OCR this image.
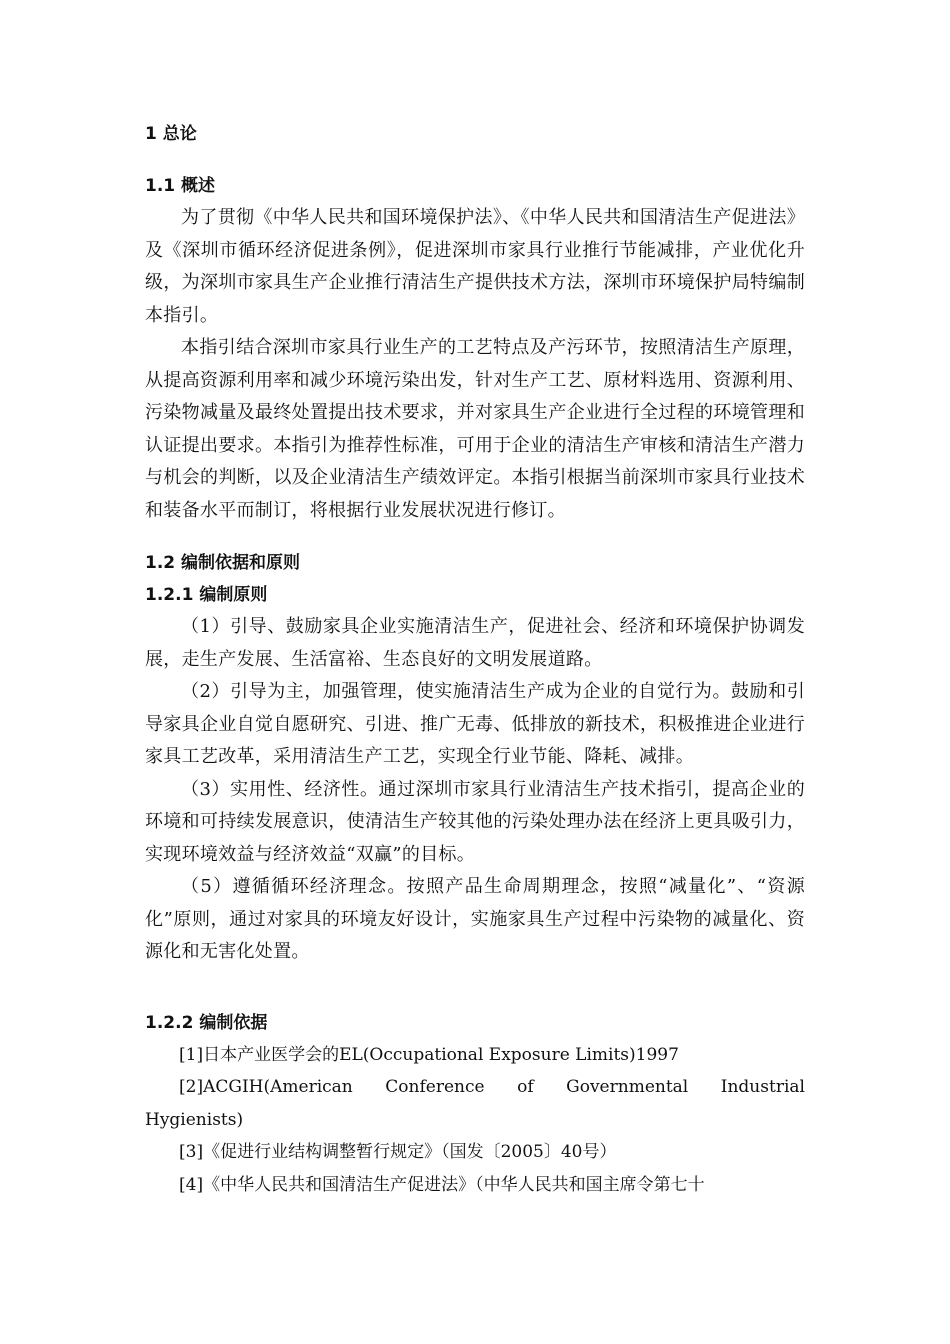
1 总论
1.1 概述

为了贯彻《中华人民共和国环境保护法》、《中华人民共和国清洁生产促进法》及《深圳市循环经济促进条例》，促进深圳市家具行业推行节能减排，产业优化升级，为深圳市家具生产企业推行清洁生产提供技术方法，深圳市环境保护局特编制本指引。

本指引结合深圳市家具行业生产的工艺特点及产污环节，按照清洁生产原理，从提高资源利用率和减少环境污染出发，针对生产工艺、原材料选用、资源利用、污染物减量及最终处置提出技术要求，并对家具生产企业进行全过程的环境管理和认证提出要求。本指引为推荐性标准，可用于企业的清洁生产审核和清洁生产潜力与机会的判断，以及企业清洁生产绩效评定。本指引根据当前深圳市家具行业技术和装备水平而制订，将根据行业发展状况进行修订。

1.2 编制依据和原则
1.2.1 编制原则

（1）引导、鼓励家具企业实施清洁生产，促进社会、经济和环境保护协调发展，走生产发展、生活富裕、生态良好的文明发展道路。

（2）引导为主，加强管理，使实施清洁生产成为企业的自觉行为。鼓励和引导家具企业自觉自愿研究、引进、推广无毒、低排放的新技术，积极推进企业进行家具工艺改革，采用清洁生产工艺，实现全行业节能、降耗、减排。

（3）实用性、经济性。通过深圳市家具行业清洁生产技术指引，提高企业的环境和可持续发展意识，使清洁生产较其他的污染处理办法在经济上更具吸引力，实现环境效益与经济效益“双赢”的目标。

（5）遵循循环经济理念。按照产品生命周期理念，按照“减量化”、“资源化”原则，通过对家具的环境友好设计，实施家具生产过程中污染物的减量化、资源化和无害化处置。

1.2.2 编制依据

[1]日本产业医学会的EL(Occupational Exposure Limits)1997

[2]ACGIH(American Conference of Governmental Industrial

Hygienists)

[3]《促进行业结构调整暂行规定》（国发〔2005〕40号）

[4]《中华人民共和国清洁生产促进法》（中华人民共和国主席令第七十
